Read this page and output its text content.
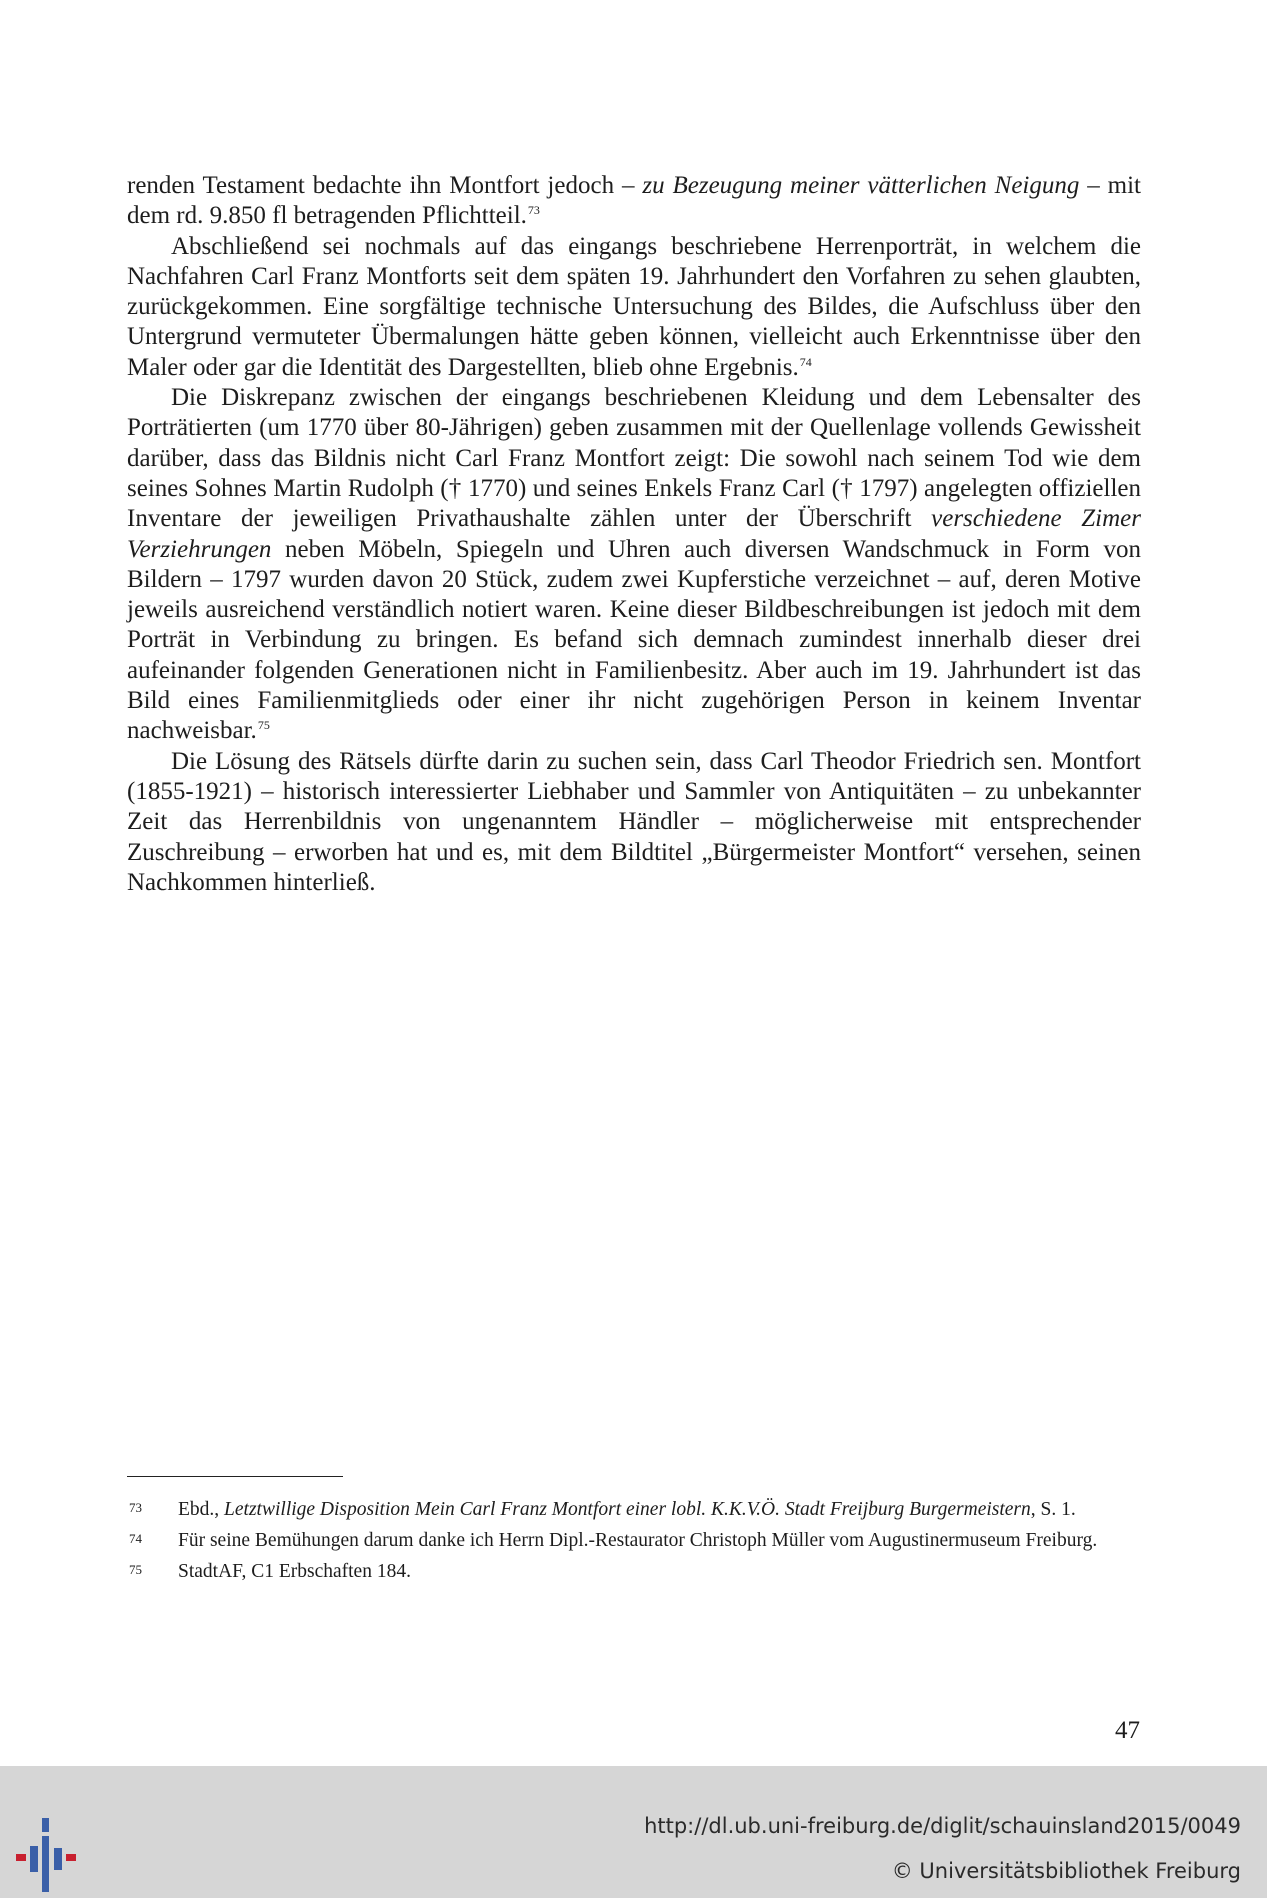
renden Testament bedachte ihn Montfort jedoch – zu Bezeugung meiner vätterlichen Neigung – mit dem rd. 9.850 fl betragenden Pflichtteil.$^{73}$

Abschließend sei nochmals auf das eingangs beschriebene Herrenporträt, in welchem die Nachfahren Carl Franz Montforts seit dem späten 19. Jahrhundert den Vorfahren zu sehen glaubten, zurückgekommen. Eine sorgfältige technische Untersuchung des Bildes, die Aufschluss über den Untergrund vermuteter Übermalungen hätte geben können, vielleicht auch Erkenntnisse über den Maler oder gar die Identität des Dargestellten, blieb ohne Ergebnis.$^{74}$

Die Diskrepanz zwischen der eingangs beschriebenen Kleidung und dem Lebensalter des Porträtierten (um 1770 über 80-Jährigen) geben zusammen mit der Quellenlage vollends Gewissheit darüber, dass das Bildnis nicht Carl Franz Montfort zeigt: Die sowohl nach seinem Tod wie dem seines Sohnes Martin Rudolph († 1770) und seines Enkels Franz Carl († 1797) angelegten offiziellen Inventare der jeweiligen Privathaushalte zählen unter der Überschrift verschiedene Zimer Verziehrungen neben Möbeln, Spiegeln und Uhren auch diversen Wandschmuck in Form von Bildern – 1797 wurden davon 20 Stück, zudem zwei Kupferstiche verzeichnet – auf, deren Motive jeweils ausreichend verständlich notiert waren. Keine dieser Bildbeschreibungen ist jedoch mit dem Porträt in Verbindung zu bringen. Es befand sich demnach zumindest innerhalb dieser drei aufeinander folgenden Generationen nicht in Familienbesitz. Aber auch im 19. Jahrhundert ist das Bild eines Familienmitglieds oder einer ihr nicht zugehörigen Person in keinem Inventar nachweisbar.$^{75}$

Die Lösung des Rätsels dürfte darin zu suchen sein, dass Carl Theodor Friedrich sen. Montfort (1855-1921) – historisch interessierter Liebhaber und Sammler von Antiquitäten – zu unbekannter Zeit das Herrenbildnis von ungenanntem Händler – möglicherweise mit entsprechender Zuschreibung – erworben hat und es, mit dem Bildtitel „Bürgermeister Montfort“ versehen, seinen Nachkommen hinterließ.

73 Ebd., Letztwillige Disposition Mein Carl Franz Montfort einer lobl. K.K.V.Ö. Stadt Freijburg Burgermeistern, S. 1.
74 Für seine Bemühungen darum danke ich Herrn Dipl.-Restaurator Christoph Müller vom Augustinermuseum Freiburg.
75 StadtAF, C1 Erbschaften 184.
47
http://dl.ub.uni-freiburg.de/diglit/schauinsland2015/0049
© Universitätsbibliothek Freiburg
